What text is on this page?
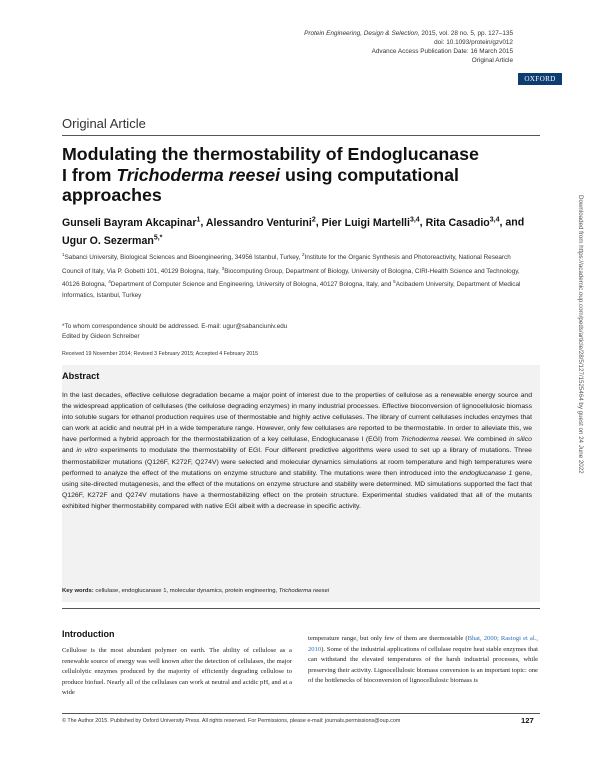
Protein Engineering, Design & Selection, 2015, vol. 28 no. 5, pp. 127–135
doi: 10.1093/protein/gzv012
Advance Access Publication Date: 16 March 2015
Original Article
OXFORD
Original Article
Modulating the thermostability of Endoglucanase I from Trichoderma reesei using computational approaches
Gunseli Bayram Akcapinar$^1$, Alessandro Venturini$^2$, Pier Luigi Martelli$^{3,4}$, Rita Casadio$^{3,4}$, and Ugur O. Sezerman$^{5,*}$
$^1$Sabanci University, Biological Sciences and Bioengineering, 34956 Istanbul, Turkey, $^2$Institute for the Organic Synthesis and Photoreactivity, National Research Council of Italy, Via P. Gobetti 101, 40129 Bologna, Italy, $^3$Biocomputing Group, Department of Biology, University of Bologna, CIRI-Health Science and Technology, 40126 Bologna, $^4$Department of Computer Science and Engineering, University of Bologna, 40127 Bologna, Italy, and $^5$Acibadem University, Department of Medical Informatics, Istanbul, Turkey
*To whom correspondence should be addressed. E-mail: ugur@sabanciuniv.edu
Edited by Gideon Schreiber
Received 19 November 2014; Revised 3 February 2015; Accepted 4 February 2015
Abstract
In the last decades, effective cellulose degradation became a major point of interest due to the properties of cellulose as a renewable energy source and the widespread application of cellulases (the cellulose degrading enzymes) in many industrial processes. Effective bioconversion of lignocellulosic biomass into soluble sugars for ethanol production requires use of thermostable and highly active cellulases. The library of current cellulases includes enzymes that can work at acidic and neutral pH in a wide temperature range. However, only few cellulases are reported to be thermostable. In order to alleviate this, we have performed a hybrid approach for the thermostabilization of a key cellulase, Endoglucanase I (EGI) from Trichoderma reesei. We combined in silico and in vitro experiments to modulate the thermostability of EGI. Four different predictive algorithms were used to set up a library of mutations. Three thermostabilizer mutations (Q126F, K272F, Q274V) were selected and molecular dynamics simulations at room temperature and high temperatures were performed to analyze the effect of the mutations on enzyme structure and stability. The mutations were then introduced into the endoglucanase 1 gene, using site-directed mutagenesis, and the effect of the mutations on enzyme structure and stability were determined. MD simulations supported the fact that Q126F, K272F and Q274V mutations have a thermostabilizing effect on the protein structure. Experimental studies validated that all of the mutants exhibited higher thermostability compared with native EGI albeit with a decrease in specific activity.
Key words: cellulase, endoglucanase 1, molecular dynamics, protein engineering, Trichoderma reesei
Introduction
Cellulose is the most abundant polymer on earth. The ability of cellulose as a renewable source of energy was well known after the detection of cellulases, the major cellulolytic enzymes produced by the majority of efficiently degrading cellulose to produce biofuel. Nearly all of the cellulases can work at neutral and acidic pH, and at a wide
temperature range, but only few of them are thermostable (Bhat, 2000; Rastogi et al., 2010). Some of the industrial applications of cellulase require heat stable enzymes that can withstand the elevated temperatures of the harsh industrial processes, while preserving their activity. Lignocellulosic biomass conversion is an important topic: one of the bottlenecks of bioconversion of lignocellulosic biomass is
© The Author 2015. Published by Oxford University Press. All rights reserved. For Permissions, please e-mail: journals.permissions@oup.com	127
Downloaded from https://academic.oup.com/peds/article/28/5/127/1525464 by guest on 24 June 2022
